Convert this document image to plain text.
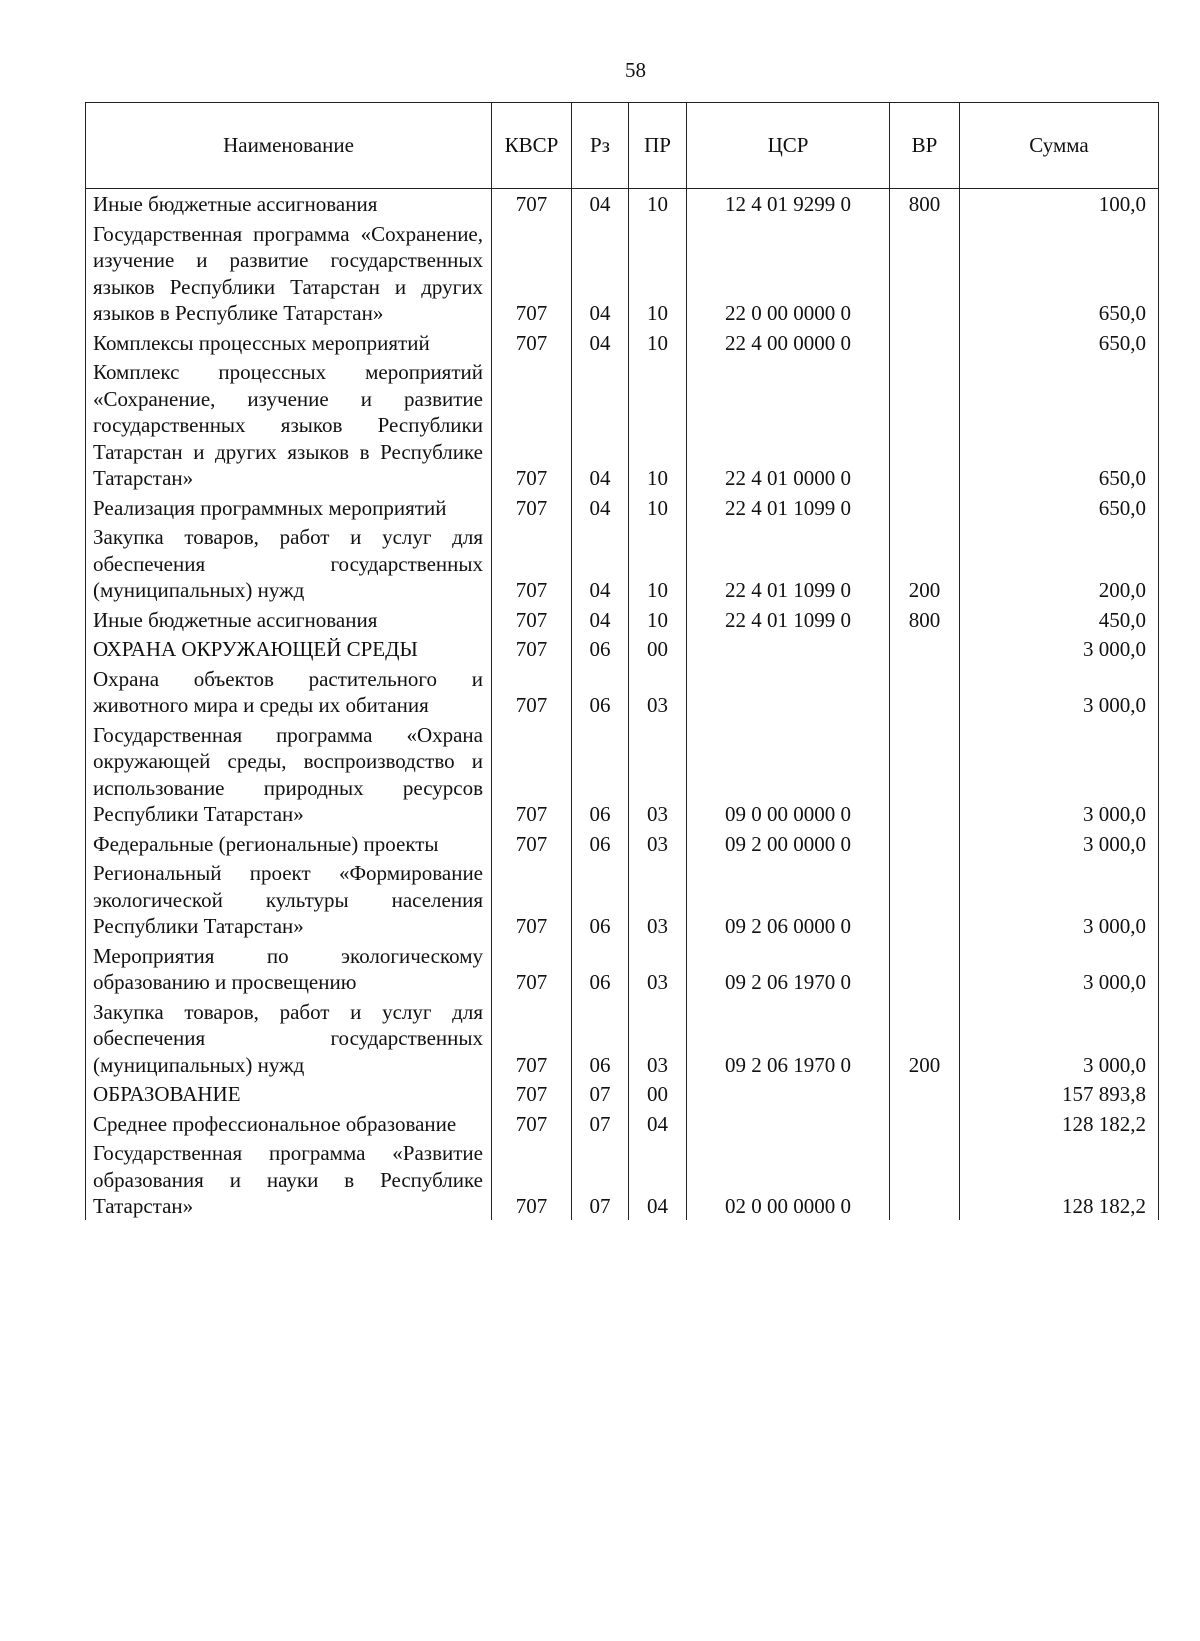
58
Наименование	КВСР	Рз	ПР	ЦСР	ВР	Сумма
Иные бюджетные ассигнования	707	04	10	12 4 01 9299 0	800	100,0
Государственная программа «Сохранение, изучение и развитие государственных языков Республики Татарстан и других языков в Республике Татарстан»	707	04	10	22 0 00 0000 0		650,0
Комплексы процессных мероприятий	707	04	10	22 4 00 0000 0		650,0
Комплекс процессных мероприятий «Сохранение, изучение и развитие государственных языков Республики Татарстан и других языков в Республике Татарстан»	707	04	10	22 4 01 0000 0		650,0
Реализация программных мероприятий	707	04	10	22 4 01 1099 0		650,0
Закупка товаров, работ и услуг для обеспечения государственных (муниципальных) нужд	707	04	10	22 4 01 1099 0	200	200,0
Иные бюджетные ассигнования	707	04	10	22 4 01 1099 0	800	450,0
ОХРАНА ОКРУЖАЮЩЕЙ СРЕДЫ	707	06	00			3 000,0
Охрана объектов растительного и животного мира и среды их обитания	707	06	03			3 000,0
Государственная программа «Охрана окружающей среды, воспроизводство и использование природных ресурсов Республики Татарстан»	707	06	03	09 0 00 0000 0		3 000,0
Федеральные (региональные) проекты	707	06	03	09 2 00 0000 0		3 000,0
Региональный проект «Формирование экологической культуры населения Республики Татарстан»	707	06	03	09 2 06 0000 0		3 000,0
Мероприятия по экологическому образованию и просвещению	707	06	03	09 2 06 1970 0		3 000,0
Закупка товаров, работ и услуг для обеспечения государственных (муниципальных) нужд	707	06	03	09 2 06 1970 0	200	3 000,0
ОБРАЗОВАНИЕ	707	07	00			157 893,8
Среднее профессиональное образование	707	07	04			128 182,2
Государственная программа «Развитие образования и науки в Республике Татарстан»	707	07	04	02 0 00 0000 0		128 182,2
